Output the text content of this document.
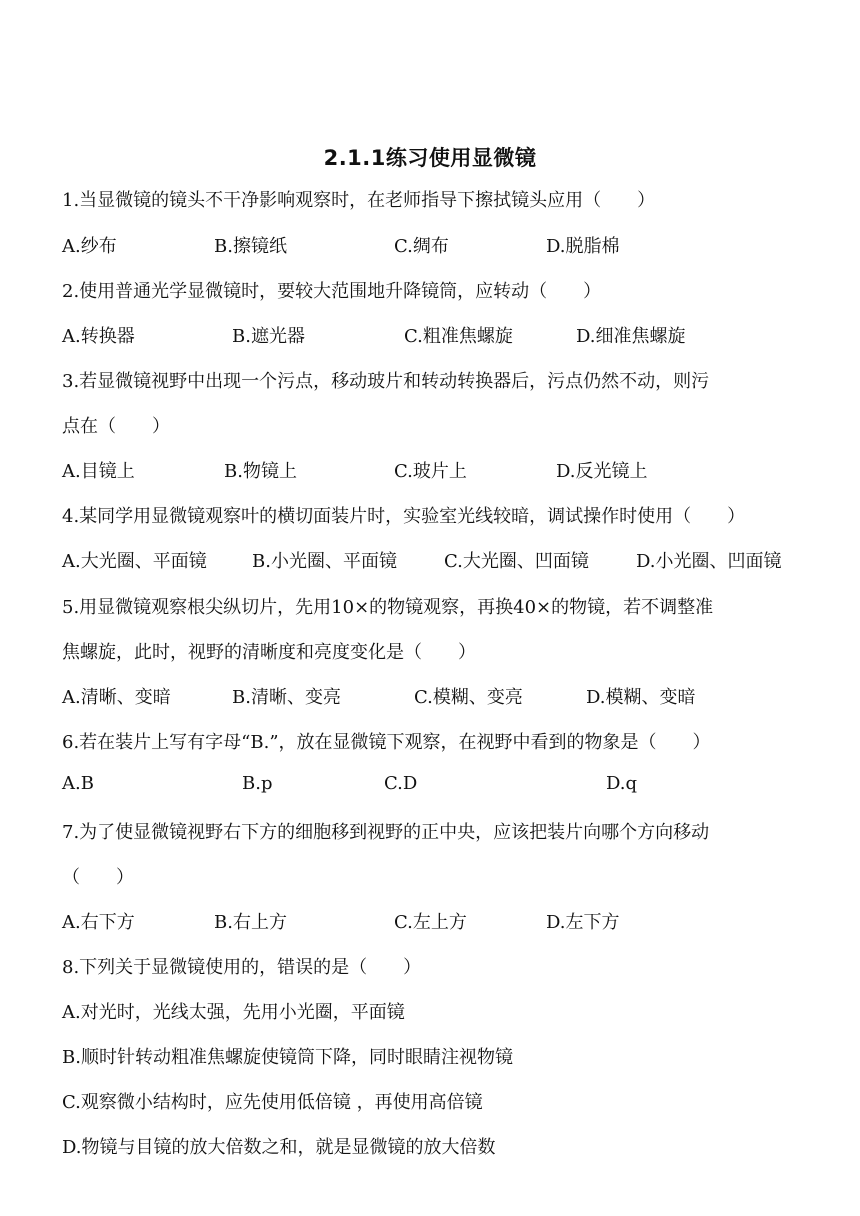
2.1.1练习使用显微镜
1.当显微镜的镜头不干净影响观察时，在老师指导下擦拭镜头应用（　　）
A.纱布	B.擦镜纸	C.绸布	D.脱脂棉
2.使用普通光学显微镜时，要较大范围地升降镜筒，应转动（　　）
A.转换器	B.遮光器	C.粗准焦螺旋	D.细准焦螺旋
3.若显微镜视野中出现一个污点，移动玻片和转动转换器后，污点仍然不动，则污
点在（　　）
A.目镜上	B.物镜上	C.玻片上	D.反光镜上
4.某同学用显微镜观察叶的横切面装片时，实验室光线较暗，调试操作时使用（　　）
A.大光圈、平面镜	B.小光圈、平面镜	C.大光圈、凹面镜	D.小光圈、凹面镜
5.用显微镜观察根尖纵切片，先用10×的物镜观察，再换40×的物镜，若不调整准
焦螺旋，此时，视野的清晰度和亮度变化是（　　）
A.清晰、变暗	B.清晰、变亮	C.模糊、变亮	D.模糊、变暗
6.若在装片上写有字母“B.”，放在显微镜下观察，在视野中看到的物象是（　　）
A.B	B.p	C.D	D.q
7.为了使显微镜视野右下方的细胞移到视野的正中央，应该把装片向哪个方向移动
（　　）
A.右下方	B.右上方	C.左上方	D.左下方
8.下列关于显微镜使用的，错误的是（　　）
A.对光时，光线太强，先用小光圈，平面镜
B.顺时针转动粗准焦螺旋使镜筒下降，同时眼睛注视物镜
C.观察微小结构时，应先使用低倍镜 ，再使用高倍镜
D.物镜与目镜的放大倍数之和，就是显微镜的放大倍数
